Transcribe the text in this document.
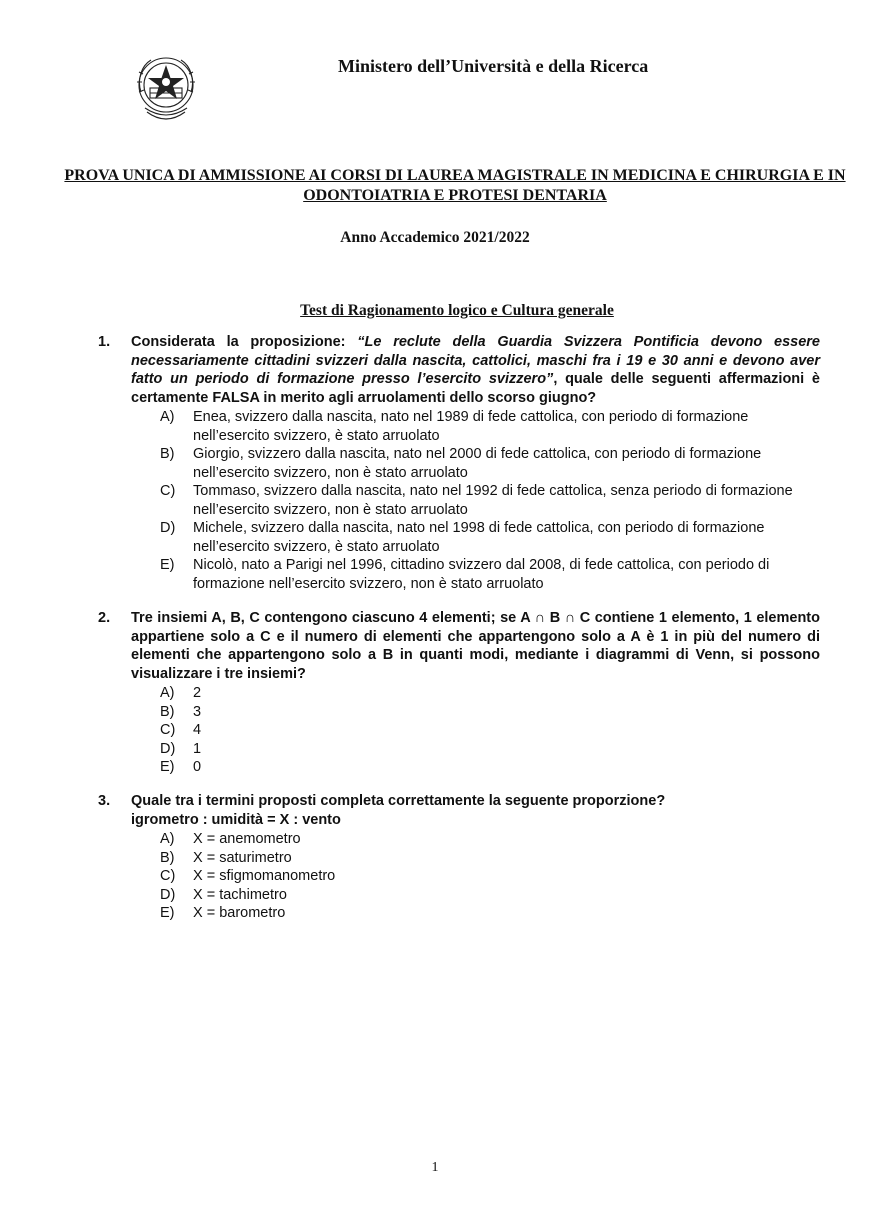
Ministero dell’Università e della Ricerca
PROVA UNICA DI AMMISSIONE AI CORSI DI LAUREA MAGISTRALE IN MEDICINA E CHIRURGIA E IN ODONTOIATRIA E PROTESI DENTARIA
Anno Accademico 2021/2022
Test di Ragionamento logico e Cultura generale
1.	Considerata la proposizione: “Le reclute della Guardia Svizzera Pontificia devono essere necessariamente cittadini svizzeri dalla nascita, cattolici, maschi fra i 19 e 30 anni e devono aver fatto un periodo di formazione presso l’esercito svizzero”, quale delle seguenti affermazioni è certamente FALSA in merito agli arruolamenti dello scorso giugno?
A)	Enea, svizzero dalla nascita, nato nel 1989 di fede cattolica, con periodo di formazione nell’esercito svizzero, è stato arruolato
B)	Giorgio, svizzero dalla nascita, nato nel 2000 di fede cattolica, con periodo di formazione nell’esercito svizzero, non è stato arruolato
C)	Tommaso, svizzero dalla nascita, nato nel 1992 di fede cattolica, senza periodo di formazione nell’esercito svizzero, non è stato arruolato
D)	Michele, svizzero dalla nascita, nato nel 1998 di fede cattolica, con periodo di formazione nell’esercito svizzero, è stato arruolato
E)	Nicolò, nato a Parigi nel 1996, cittadino svizzero dal 2008, di fede cattolica, con periodo di formazione nell’esercito svizzero, non è stato arruolato
2.	Tre insiemi A, B, C contengono ciascuno 4 elementi; se A ∩ B ∩ C contiene 1 elemento, 1 elemento appartiene solo a C e il numero di elementi che appartengono solo a A è 1 in più del numero di elementi che appartengono solo a B in quanti modi, mediante i diagrammi di Venn, si possono visualizzare i tre insiemi?
A)	2
B)	3
C)	4
D)	1
E)	0
3.	Quale tra i termini proposti completa correttamente la seguente proporzione?
igrometro : umidità = X : vento
A)	X = anemometro
B)	X = saturimetro
C)	X = sfigmomanometro
D)	X = tachimetro
E)	X = barometro
1
